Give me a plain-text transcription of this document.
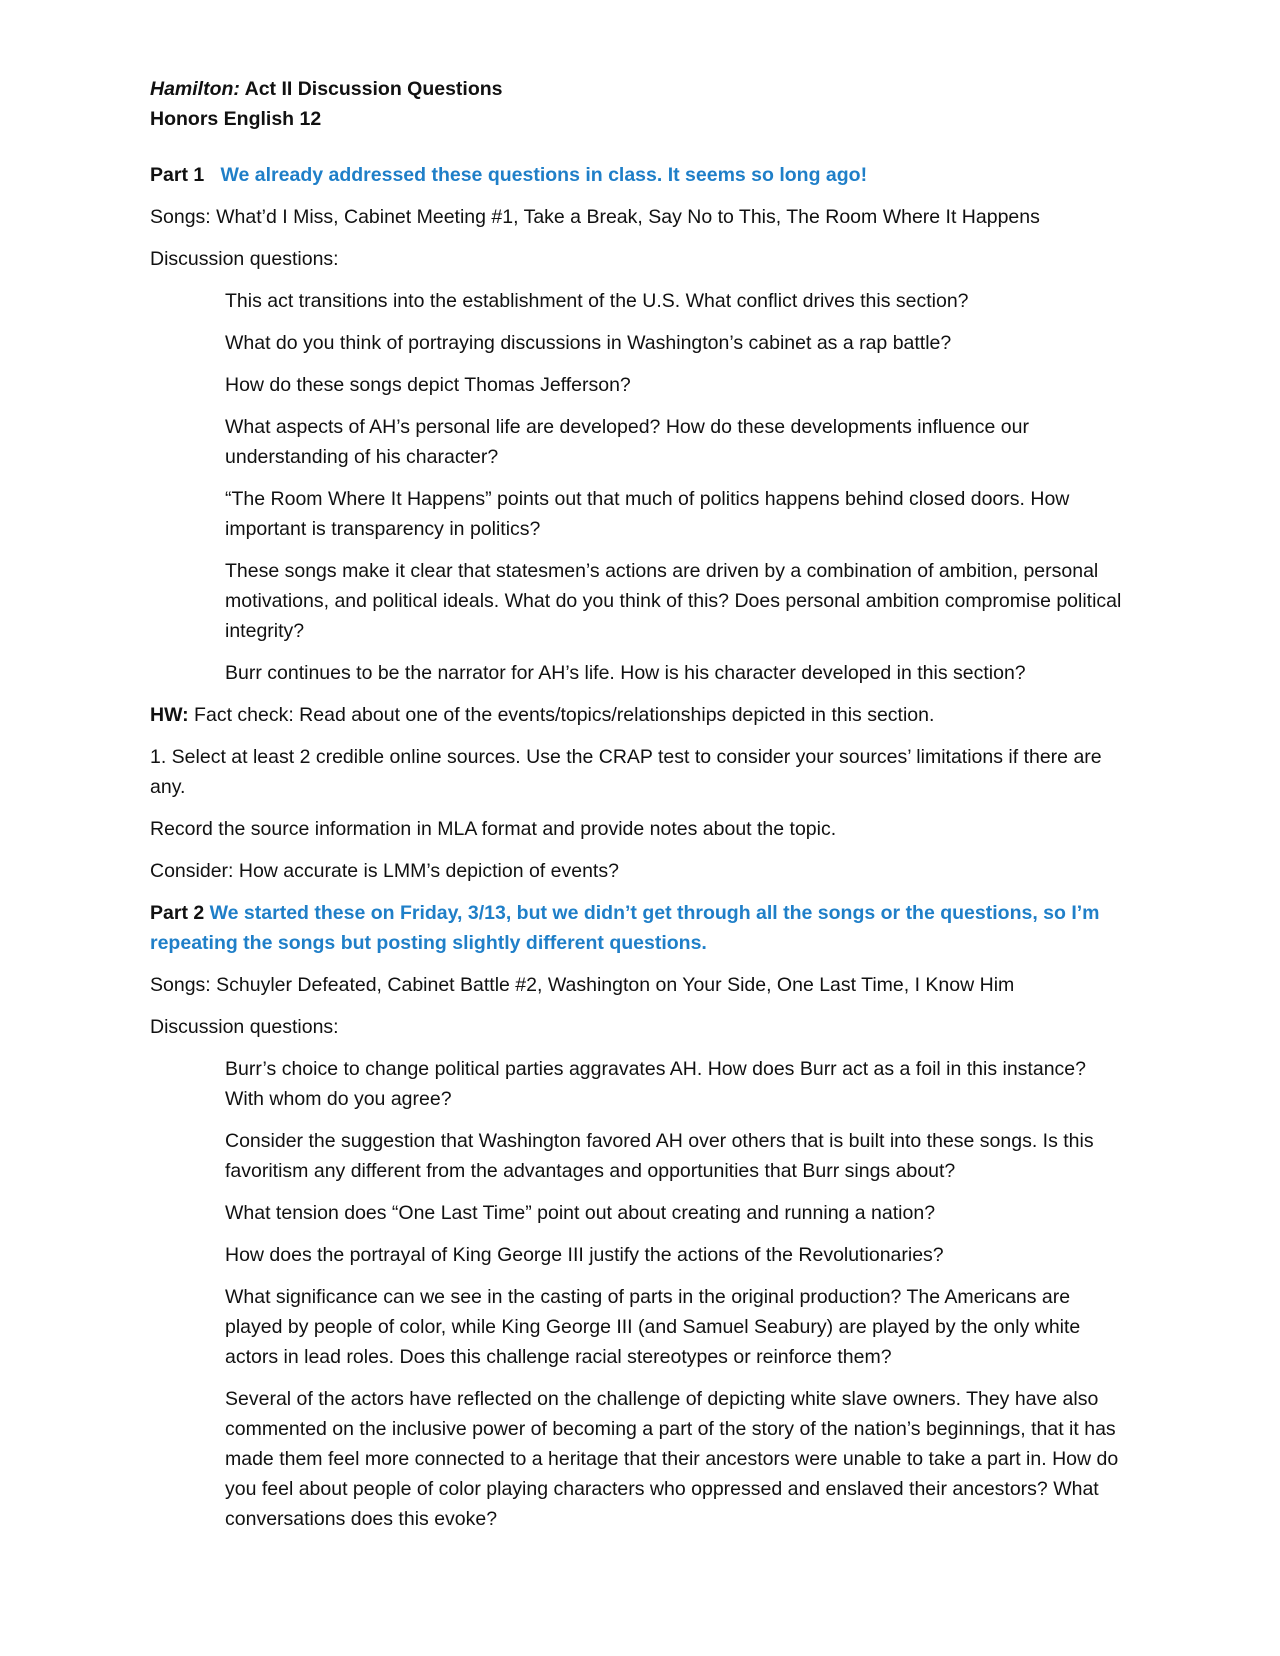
Hamilton: Act II Discussion Questions

Honors English 12

Part 1 We already addressed these questions in class. It seems so long ago!

Songs: What’d I Miss, Cabinet Meeting #1, Take a Break, Say No to This, The Room Where It Happens

Discussion questions:

This act transitions into the establishment of the U.S. What conflict drives this section?
What do you think of portraying discussions in Washington’s cabinet as a rap battle?
How do these songs depict Thomas Jefferson?
What aspects of AH’s personal life are developed? How do these developments influence our understanding of his character?
“The Room Where It Happens” points out that much of politics happens behind closed doors. How important is transparency in politics?
These songs make it clear that statesmen’s actions are driven by a combination of ambition, personal motivations, and political ideals. What do you think of this? Does personal ambition compromise political integrity?
Burr continues to be the narrator for AH’s life. How is his character developed in this section?

HW: Fact check: Read about one of the events/topics/relationships depicted in this section.

1. Select at least 2 credible online sources. Use the CRAP test to consider your sources’ limitations if there are any.

Record the source information in MLA format and provide notes about the topic.

Consider: How accurate is LMM’s depiction of events?

Part 2 We started these on Friday, 3/13, but we didn’t get through all the songs or the questions, so I’m repeating the songs but posting slightly different questions.

Songs: Schuyler Defeated, Cabinet Battle #2, Washington on Your Side, One Last Time, I Know Him

Discussion questions:

Burr’s choice to change political parties aggravates AH. How does Burr act as a foil in this instance? With whom do you agree?
Consider the suggestion that Washington favored AH over others that is built into these songs. Is this favoritism any different from the advantages and opportunities that Burr sings about?
What tension does “One Last Time” point out about creating and running a nation?
How does the portrayal of King George III justify the actions of the Revolutionaries?
What significance can we see in the casting of parts in the original production? The Americans are played by people of color, while King George III (and Samuel Seabury) are played by the only white actors in lead roles. Does this challenge racial stereotypes or reinforce them?
Several of the actors have reflected on the challenge of depicting white slave owners. They have also commented on the inclusive power of becoming a part of the story of the nation’s beginnings, that it has made them feel more connected to a heritage that their ancestors were unable to take a part in. How do you feel about people of color playing characters who oppressed and enslaved their ancestors? What conversations does this evoke?
